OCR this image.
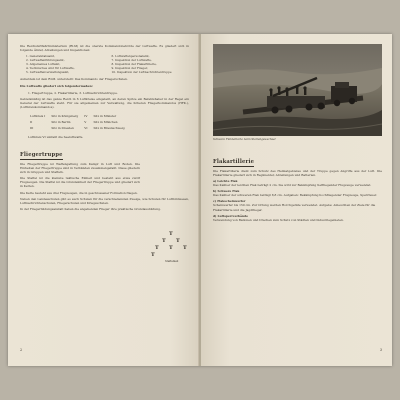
Die Reichsluftfahrtministerium (RLM) ist die oberste Kommandobehörde der Luftwaffe. Es gliedert sich in folgende Ämter, Abteilungen und Inspektionen:

1. Generalstabsamt,
2. Luftwaffenführungsamt,
3. Allgemeines Luftamt,
4. Technisches Amt für Luftwaffe,
5. Luftwaffenverwaltungsamt,
6. Luftwaffenpersonalamt,
7. Inspektion der Luftwaffe,
8. Inspektion der Flakartillerie,
9. Inspektion der Flieger,
10. Inspektion der Luftnachrichtentruppe

Außerdem ist dem RLM. unterstellt: Das Kommando der Fliegerschulen.

Die Luftwaffe gliedert sich folgendermaßen:

1. Fliegertruppe, 2. Flakartillerie, 3. Luftnachrichtentruppe.

Gebietsmäßig ist das ganze Reich in 6 Luftkreise eingeteilt, an deren Spitze ein Befehlshaber in der Regel ein General der Luftwaffe steht. Für sie allgemeinen zur Verwaltung, die höheren Fliegerkommandos (HFK.), (Luftkreiskommandos).

Luftkreis I	Sitz in Königsberg	IV	Sitz in Münster
II	Sitz in Berlin	V	Sitz in München
III	Sitz in Dresden	VI	Sitz in Braunschweig

Luftkreis VI umfaßt die Seeluftwaffe.

Fliegertruppe

Die Fliegertruppe ist Waffengattung zum Kampf in Luft und Boden. Die Einheiten der Fliegertruppe sind in Verbänden zusammengefaßt. Diese gliedern sich in Gruppen und Staffeln.

Die Staffel ist die kleinste taktische Einheit und besteht aus etwa zwölf Flugzeugen. Die Staffel ist die Grundeinheit der Fliegertruppe und gliedert sich in Ketten.

Die Kette besteht aus drei Flugzeugen, die in geschlossener Formation fliegen.

Neben den Landesschulen gibt es auch Schulen für die verschiedensten Zweige, wie Schulen für Luftbildwesen, Luftnachrichtenschulen, Fliegerschulen und Kriegsschulen.

In der Fliegerbildungsanstalt haben die angehenden Flieger ihre praktische Grundausbildung.

T
T T
T	T
T
T
Staffelkeil
2

Schwere Flakbatterie beim Stellungswechsel

Flakartillerie

Die Flakartillerie dient zum Schutz des Heimatgebietes und der Truppe gegen Angriffe aus der Luft. Die Flakartillerie gliedert sich in Regimenter, Abteilungen und Batterien.

a) Leichte Flak
Das Kaliber der leichten Flak beträgt 2 cm. Sie wird zur Bekämpfung tieffliegender Flugzeuge verwendet.
b) Schwere Flak
Das Kaliber der schweren Flak beträgt 8,8 cm. Aufgaben: Bekämpfung hochfliegender Flugzeuge, Sperrfeuer.
c) Flakscheinwerfer
Scheinwerfer bis 150 cm. Zur Ortung werden Horchgeräte verwendet. Aufgabe: Anleuchten der Ziele für die Flakartillerie und die Jagdflieger.
d) Luftsperrverbände
Verwendung von Ballonen und Drachen zum Schutz von Städten und Industriegebieten.
3
